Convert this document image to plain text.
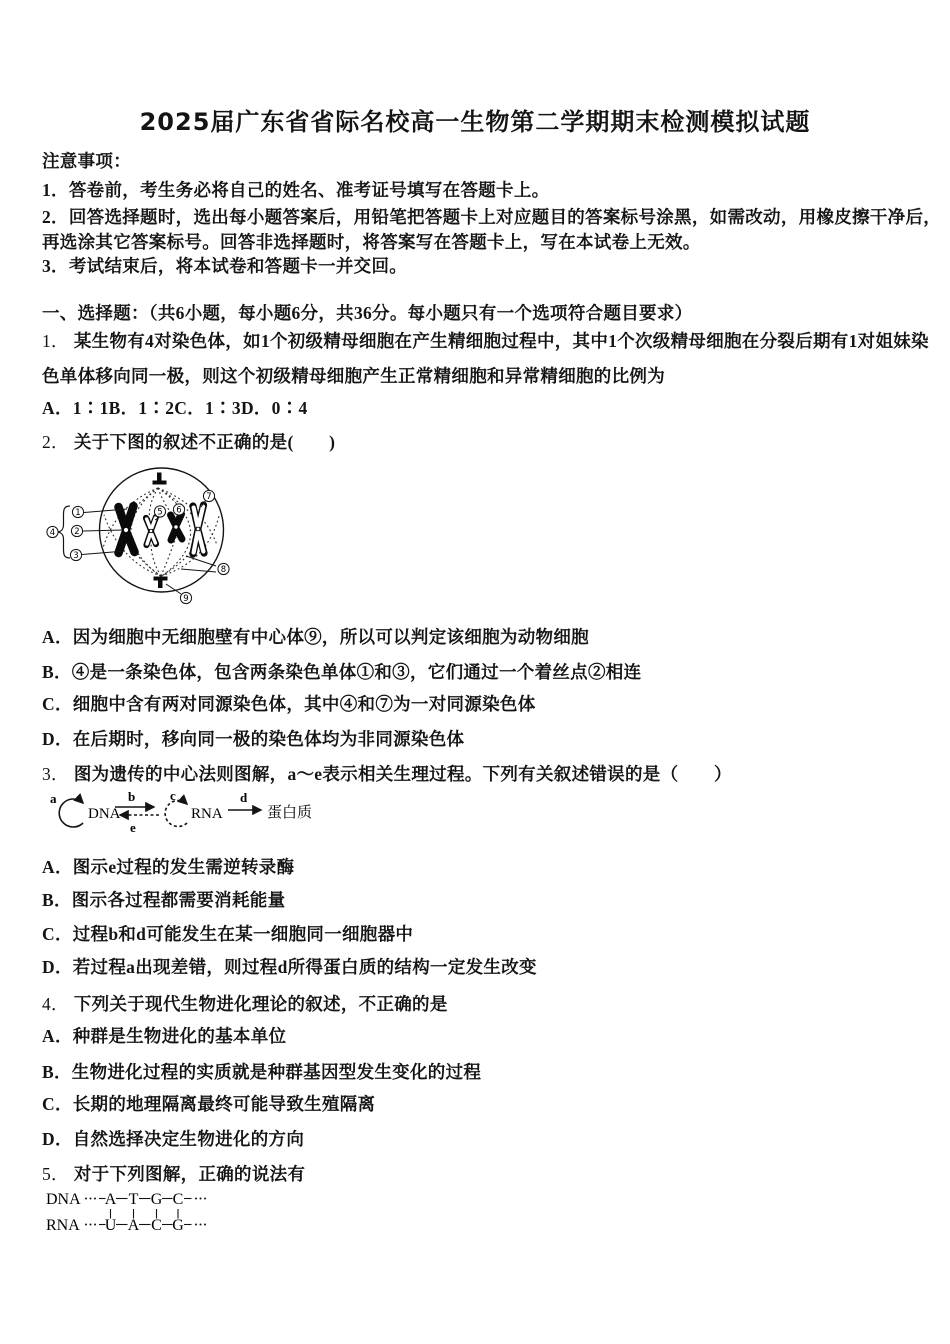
2025届广东省省际名校高一生物第二学期期末检测模拟试题
注意事项：
1．答卷前，考生务必将自己的姓名、准考证号填写在答题卡上。
2．回答选择题时，选出每小题答案后，用铅笔把答题卡上对应题目的答案标号涂黑，如需改动，用橡皮擦干净后，
再选涂其它答案标号。回答非选择题时，将答案写在答题卡上，写在本试卷上无效。
3．考试结束后，将本试卷和答题卡一并交回。
一、选择题：（共6小题，每小题6分，共36分。每小题只有一个选项符合题目要求）
1． 某生物有4对染色体，如1个初级精母细胞在产生精细胞过程中，其中1个次级精母细胞在分裂后期有1对姐妹染
色单体移向同一极，则这个初级精母细胞产生正常精细胞和异常精细胞的比例为
A．1∶1B．1∶2C．1∶3D．0∶4
2． 关于下图的叙述不正确的是(　　)
1
2
3
4
5 6
7
8
9
A．因为细胞中无细胞壁有中心体⑨，所以可以判定该细胞为动物细胞
B．④是一条染色体，包含两条染色单体①和③，它们通过一个着丝点②相连
C．细胞中含有两对同源染色体，其中④和⑦为一对同源染色体
D．在后期时，移向同一极的染色体均为非同源染色体
3． 图为遗传的中心法则图解，a～e表示相关生理过程。下列有关叙述错误的是（　　）
a
DNA
b
e
c
RNA
d
蛋白质
A．图示e过程的发生需逆转录酶
B．图示各过程都需要消耗能量
C．过程b和d可能发生在某一细胞同一细胞器中
D．若过程a出现差错，则过程d所得蛋白质的结构一定发生改变
4． 下列关于现代生物进化理论的叙述，不正确的是
A．种群是生物进化的基本单位
B．生物进化过程的实质就是种群基因型发生变化的过程
C．长期的地理隔离最终可能导致生殖隔离
D．自然选择决定生物进化的方向
5． 对于下列图解，正确的说法有
DNA A T G C
RNA U A C G
